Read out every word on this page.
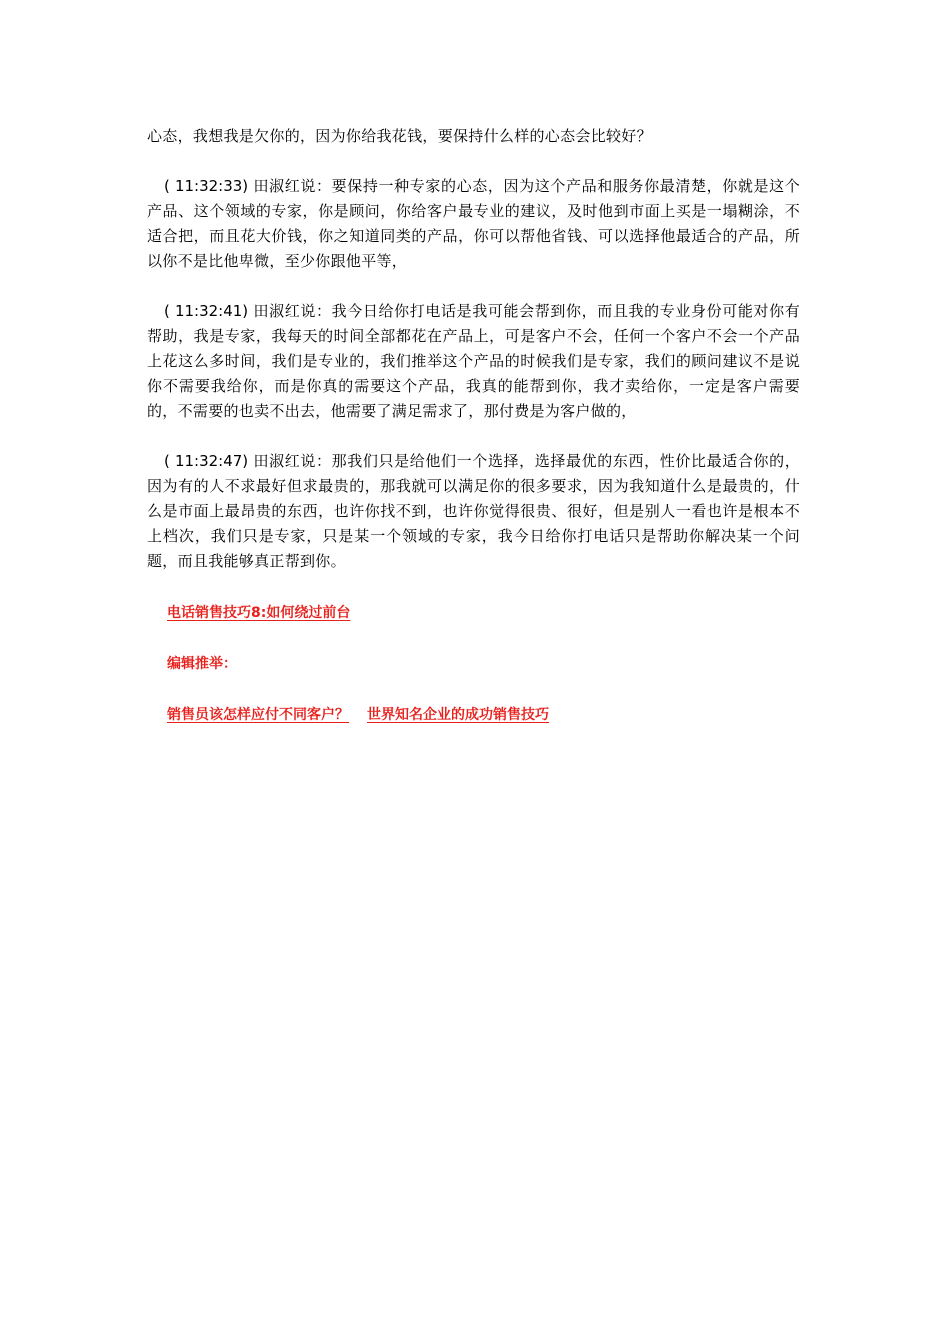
心态，我想我是欠你的，因为你给我花钱，要保持什么样的心态会比较好？

( 11:32:33) 田淑红说：要保持一种专家的心态，因为这个产品和服务你最清楚，你就是这个产品、这个领域的专家，你是顾问，你给客户最专业的建议，及时他到市面上买是一塌糊涂，不适合把，而且花大价钱，你之知道同类的产品，你可以帮他省钱、可以选择他最适合的产品，所以你不是比他卑微，至少你跟他平等，

( 11:32:41) 田淑红说：我今日给你打电话是我可能会帮到你，而且我的专业身份可能对你有帮助，我是专家，我每天的时间全部都花在产品上，可是客户不会，任何一个客户不会一个产品上花这么多时间，我们是专业的，我们推举这个产品的时候我们是专家，我们的顾问建议不是说你不需要我给你，而是你真的需要这个产品，我真的能帮到你，我才卖给你，一定是客户需要的，不需要的也卖不出去，他需要了满足需求了，那付费是为客户做的，

( 11:32:47) 田淑红说：那我们只是给他们一个选择，选择最优的东西，性价比最适合你的，因为有的人不求最好但求最贵的，那我就可以满足你的很多要求，因为我知道什么是最贵的，什么是市面上最昂贵的东西，也许你找不到，也许你觉得很贵、很好，但是别人一看也许是根本不上档次，我们只是专家，只是某一个领域的专家，我今日给你打电话只是帮助你解决某一个问题，而且我能够真正帮到你。

电话销售技巧8:如何绕过前台
编辑推举：
销售员该怎样应付不同客户？ 世界知名企业的成功销售技巧
